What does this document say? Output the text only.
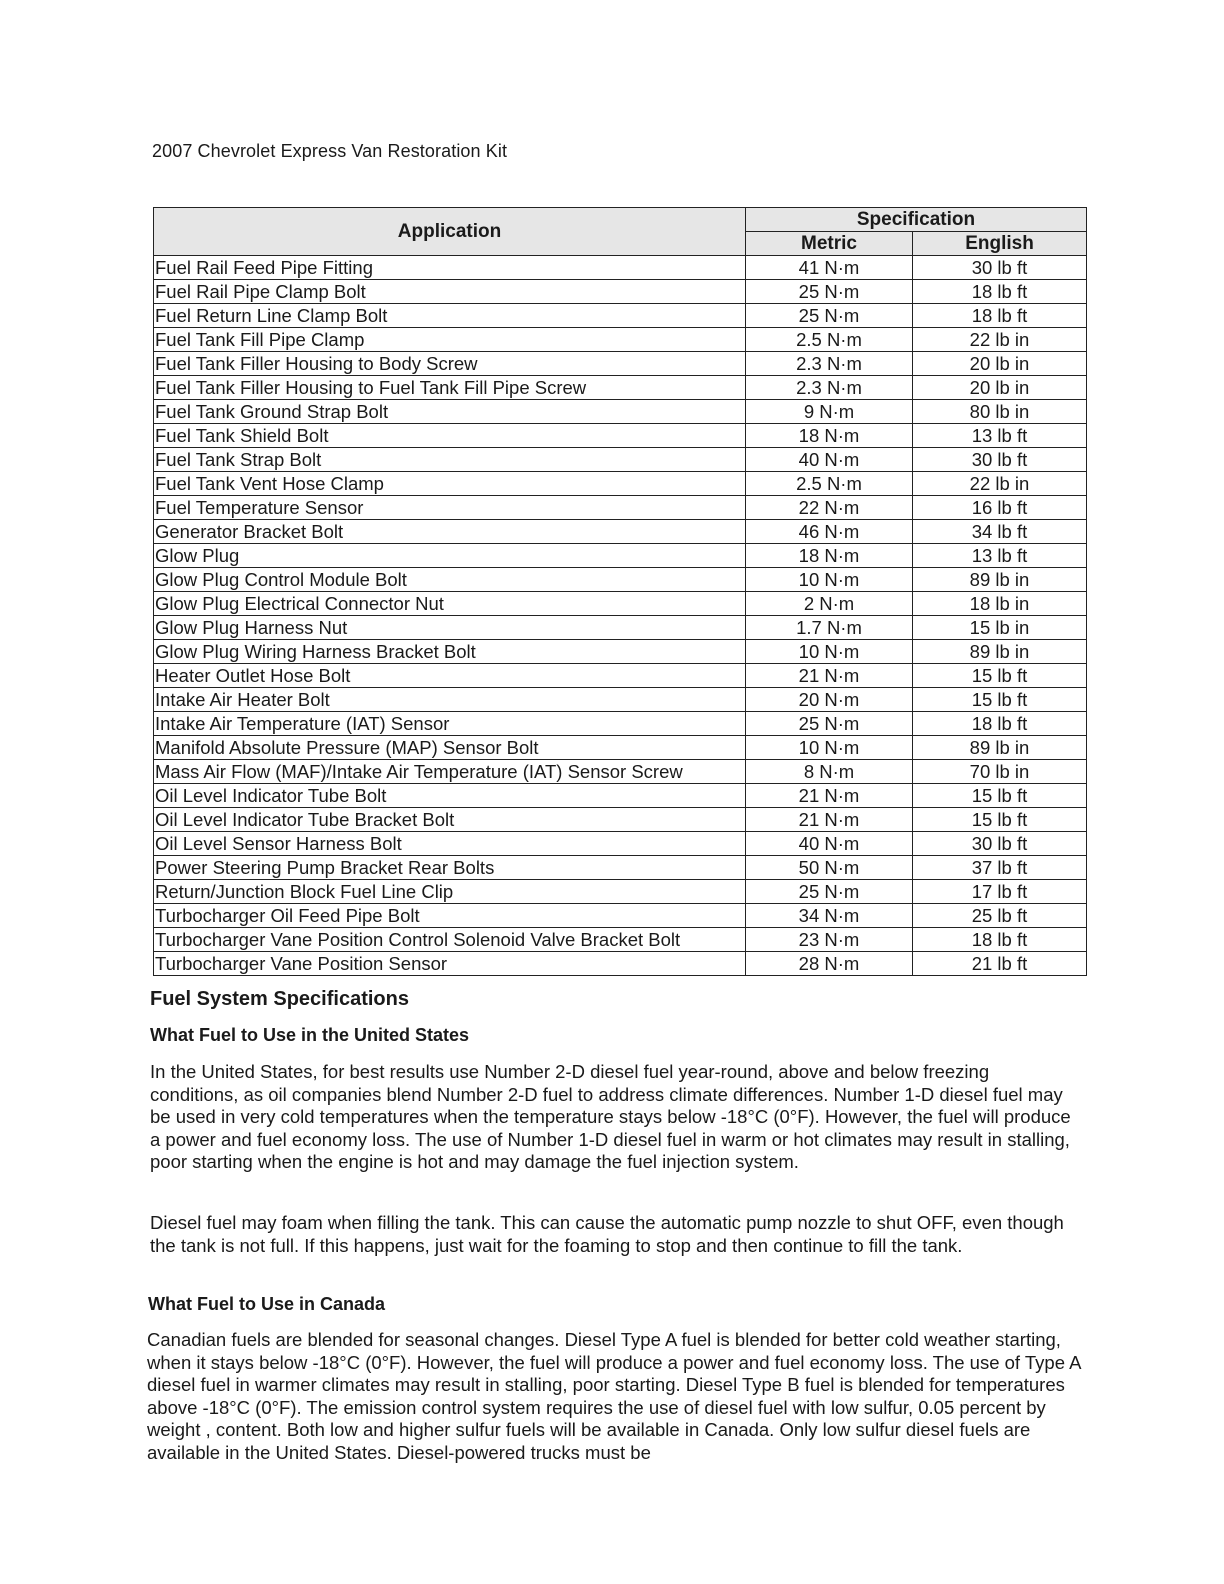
2007 Chevrolet Express Van Restoration Kit
Application	Specification	
	Metric	English
Fuel Rail Feed Pipe Fitting	41 N·m	30 lb ft
Fuel Rail Pipe Clamp Bolt	25 N·m	18 lb ft
Fuel Return Line Clamp Bolt	25 N·m	18 lb ft
Fuel Tank Fill Pipe Clamp	2.5 N·m	22 lb in
Fuel Tank Filler Housing to Body Screw	2.3 N·m	20 lb in
Fuel Tank Filler Housing to Fuel Tank Fill Pipe Screw	2.3 N·m	20 lb in
Fuel Tank Ground Strap Bolt	9 N·m	80 lb in
Fuel Tank Shield Bolt	18 N·m	13 lb ft
Fuel Tank Strap Bolt	40 N·m	30 lb ft
Fuel Tank Vent Hose Clamp	2.5 N·m	22 lb in
Fuel Temperature Sensor	22 N·m	16 lb ft
Generator Bracket Bolt	46 N·m	34 lb ft
Glow Plug	18 N·m	13 lb ft
Glow Plug Control Module Bolt	10 N·m	89 lb in
Glow Plug Electrical Connector Nut	2 N·m	18 lb in
Glow Plug Harness Nut	1.7 N·m	15 lb in
Glow Plug Wiring Harness Bracket Bolt	10 N·m	89 lb in
Heater Outlet Hose Bolt	21 N·m	15 lb ft
Intake Air Heater Bolt	20 N·m	15 lb ft
Intake Air Temperature (IAT) Sensor	25 N·m	18 lb ft
Manifold Absolute Pressure (MAP) Sensor Bolt	10 N·m	89 lb in
Mass Air Flow (MAF)/Intake Air Temperature (IAT) Sensor Screw	8 N·m	70 lb in
Oil Level Indicator Tube Bolt	21 N·m	15 lb ft
Oil Level Indicator Tube Bracket Bolt	21 N·m	15 lb ft
Oil Level Sensor Harness Bolt	40 N·m	30 lb ft
Power Steering Pump Bracket Rear Bolts	50 N·m	37 lb ft
Return/Junction Block Fuel Line Clip	25 N·m	17 lb ft
Turbocharger Oil Feed Pipe Bolt	34 N·m	25 lb ft
Turbocharger Vane Position Control Solenoid Valve Bracket Bolt	23 N·m	18 lb ft
Turbocharger Vane Position Sensor	28 N·m	21 lb ft
Fuel System Specifications
What Fuel to Use in the United States
In the United States, for best results use Number 2-D diesel fuel year-round, above and below freezing conditions, as oil companies blend Number 2-D fuel to address climate differences. Number 1-D diesel fuel may be used in very cold temperatures when the temperature stays below -18°C (0°F). However, the fuel will produce a power and fuel economy loss. The use of Number 1-D diesel fuel in warm or hot climates may result in stalling, poor starting when the engine is hot and may damage the fuel injection system.
Diesel fuel may foam when filling the tank. This can cause the automatic pump nozzle to shut OFF, even though the tank is not full. If this happens, just wait for the foaming to stop and then continue to fill the tank.
What Fuel to Use in Canada
Canadian fuels are blended for seasonal changes. Diesel Type A fuel is blended for better cold weather starting, when it stays below -18°C (0°F). However, the fuel will produce a power and fuel economy loss. The use of Type A diesel fuel in warmer climates may result in stalling, poor starting. Diesel Type B fuel is blended for temperatures above -18°C (0°F). The emission control system requires the use of diesel fuel with low sulfur, 0.05 percent by weight , content. Both low and higher sulfur fuels will be available in Canada. Only low sulfur diesel fuels are available in the United States. Diesel-powered trucks must be
